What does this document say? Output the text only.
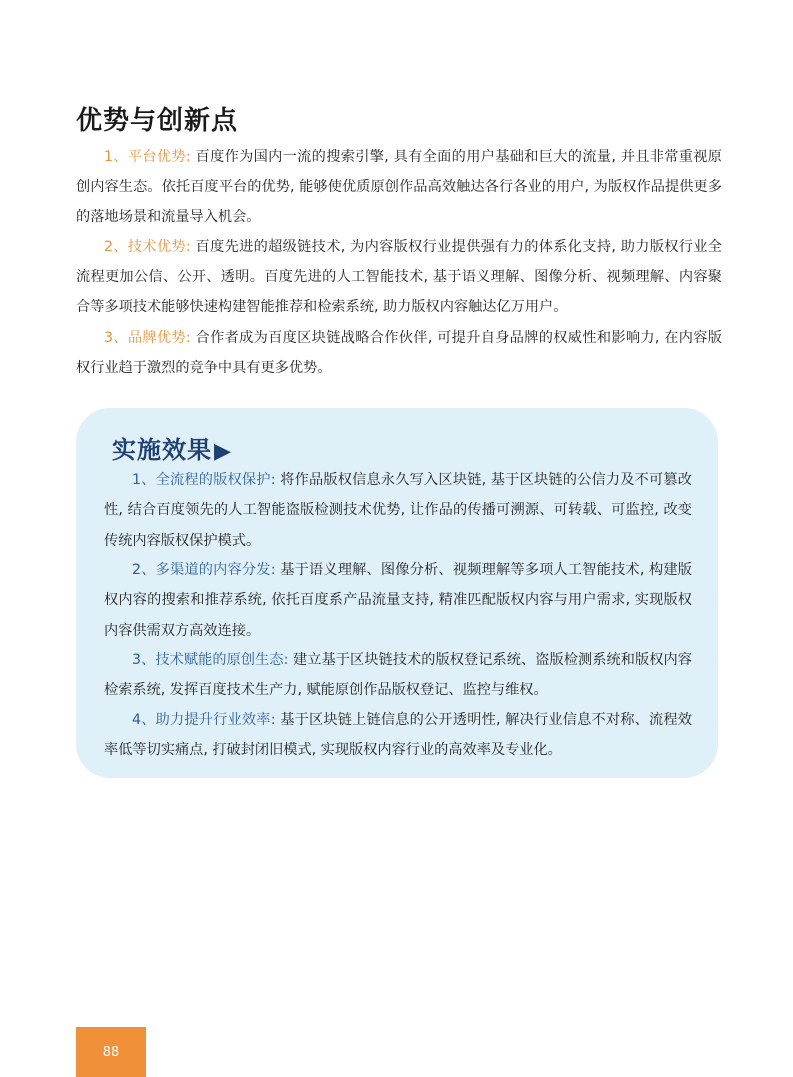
优势与创新点

1、平台优势: 百度作为国内一流的搜索引擎, 具有全面的用户基础和巨大的流量, 并且非常重视原创内容生态。依托百度平台的优势, 能够使优质原创作品高效触达各行各业的用户, 为版权作品提供更多的落地场景和流量导入机会。

2、技术优势: 百度先进的超级链技术, 为内容版权行业提供强有力的体系化支持, 助力版权行业全流程更加公信、公开、透明。百度先进的人工智能技术, 基于语义理解、图像分析、视频理解、内容聚合等多项技术能够快速构建智能推荐和检索系统, 助力版权内容触达亿万用户。

3、品牌优势: 合作者成为百度区块链战略合作伙伴, 可提升自身品牌的权威性和影响力, 在内容版权行业趋于激烈的竞争中具有更多优势。

实施效果▶

1、全流程的版权保护: 将作品版权信息永久写入区块链, 基于区块链的公信力及不可篡改性, 结合百度领先的人工智能盗版检测技术优势, 让作品的传播可溯源、可转载、可监控, 改变传统内容版权保护模式。

2、多渠道的内容分发: 基于语义理解、图像分析、视频理解等多项人工智能技术, 构建版权内容的搜索和推荐系统, 依托百度系产品流量支持, 精准匹配版权内容与用户需求, 实现版权内容供需双方高效连接。

3、技术赋能的原创生态: 建立基于区块链技术的版权登记系统、盗版检测系统和版权内容检索系统, 发挥百度技术生产力, 赋能原创作品版权登记、监控与维权。

4、助力提升行业效率: 基于区块链上链信息的公开透明性, 解决行业信息不对称、流程效率低等切实痛点, 打破封闭旧模式, 实现版权内容行业的高效率及专业化。

88
